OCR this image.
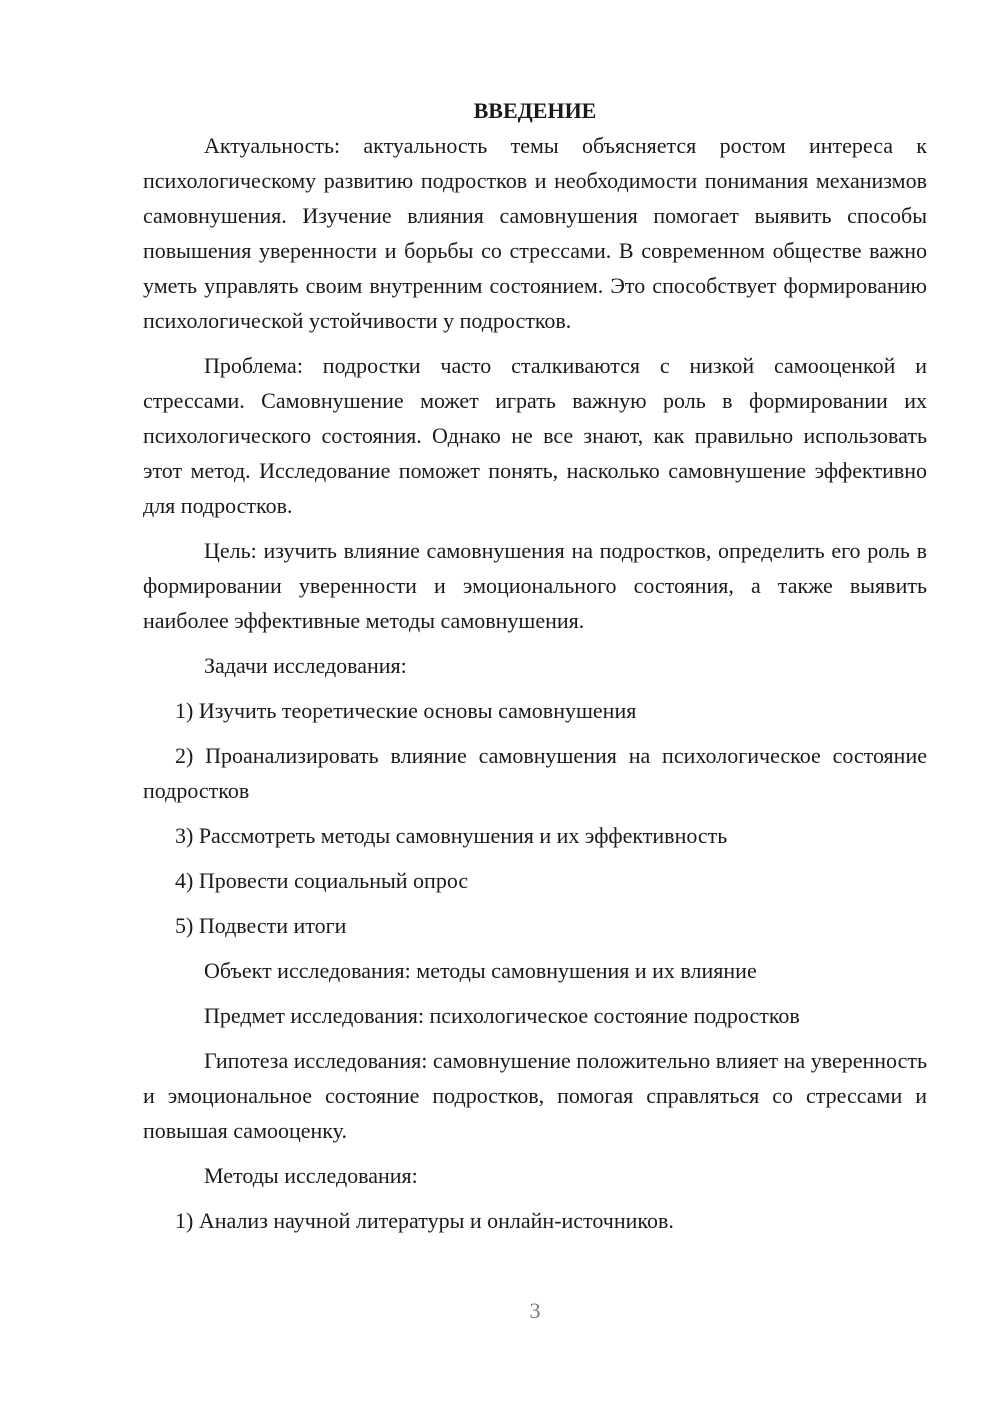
ВВЕДЕНИЕ

Актуальность: актуальность темы объясняется ростом интереса к психологическому развитию подростков и необходимости понимания механизмов самовнушения. Изучение влияния самовнушения помогает выявить способы повышения уверенности и борьбы со стрессами. В современном обществе важно уметь управлять своим внутренним состоянием. Это способствует формированию психологической устойчивости у подростков.

Проблема: подростки часто сталкиваются с низкой самооценкой и стрессами. Самовнушение может играть важную роль в формировании их психологического состояния. Однако не все знают, как правильно использовать этот метод. Исследование поможет понять, насколько самовнушение эффективно для подростков.

Цель: изучить влияние самовнушения на подростков, определить его роль в формировании уверенности и эмоционального состояния, а также выявить наиболее эффективные методы самовнушения.

Задачи исследования:

1) Изучить теоретические основы самовнушения

2) Проанализировать влияние самовнушения на психологическое состояние подростков

3) Рассмотреть методы самовнушения и их эффективность

4) Провести социальный опрос

5) Подвести итоги

Объект исследования: методы самовнушения и их влияние

Предмет исследования: психологическое состояние подростков

Гипотеза исследования: самовнушение положительно влияет на уверенность и эмоциональное состояние подростков, помогая справляться со стрессами и повышая самооценку.

Методы исследования:

1) Анализ научной литературы и онлайн-источников.

3
